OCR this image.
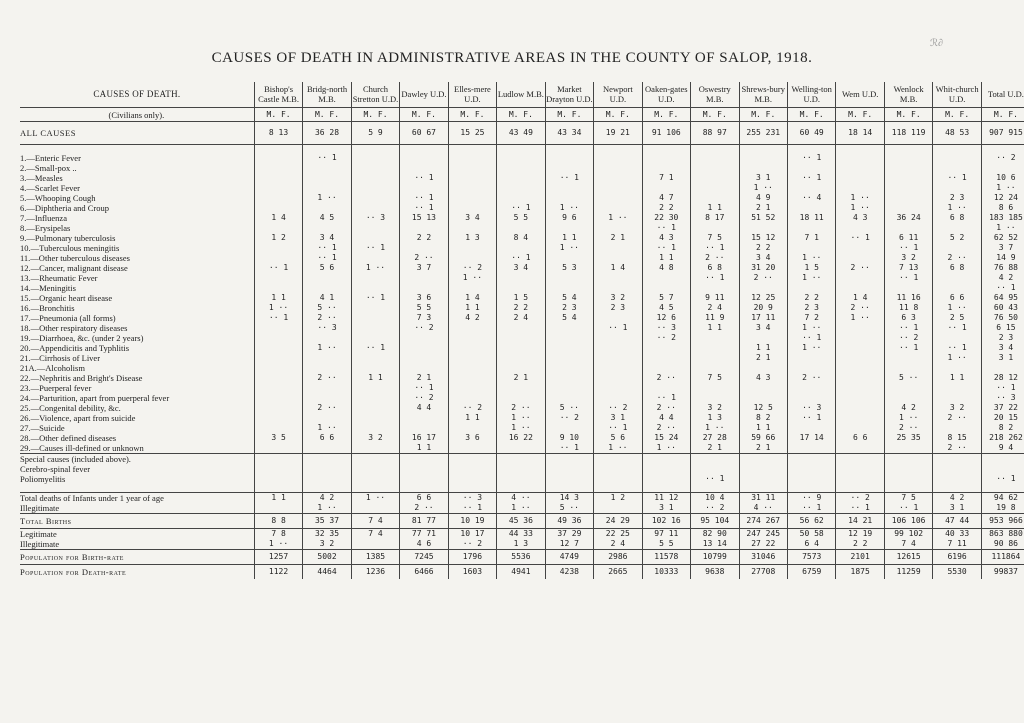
ℛ∂
CAUSES OF DEATH IN ADMINISTRATIVE AREAS IN THE COUNTY OF SALOP, 1918.
CAUSES OF DEATH.	Bishop's Castle M.B.	Bridg-north M.B.	Church Stretton U.D.	Dawley U.D.	Elles-mere U.D.	Ludlow M.B.	Market Drayton U.D.	Newport U.D.	Oaken-gates U.D.	Oswestry M.B.	Shrews-bury M.B.	Welling-ton U.D.	Wem U.D.	Wenlock M.B.	Whit-church U.D.	Total U.D.
(Civilians only).	M. F.	M. F.	M. F.	M. F.	M. F.	M. F.	M. F.	M. F.	M. F.	M. F.	M. F.	M. F.	M. F.	M. F.	M. F.	M. F.
ALL CAUSES	8 13	36 28	5 9	60 67	15 25	43 49	43 34	19 21	91 106	88 97	255 231	60 49	18 14	118 119	48 53	907 915

1.—Enteric Fever		·· 1										·· 1				·· 2
2.—Small-pox ..																
3.—Measles				·· 1			·· 1		7 1		3 1	·· 1			·· 1	10 6
4.—Scarlet Fever											1 ··					1 ··
5.—Whooping Cough		1 ··		·· 1					4 7		4 9	·· 4	1 ··		2 3	12 24
6.—Diphtheria and Croup				·· 1		·· 1	1 ··		2 2	1 1	2 1		1 ··		1 ··	8 6
7.—Influenza	1 4	4 5	·· 3	15 13	3 4	5 5	9 6	1 ··	22 30	8 17	51 52	18 11	4 3	36 24	6 8	183 185
8.—Erysipelas									·· 1							1 ··
9.—Pulmonary tuberculosis	1 2	3 4		2 2	1 3	8 4	1 1	2 1	4 3	7 5	15 12	7 1	·· 1	6 11	5 2	62 52
10.—Tuberculous meningitis		·· 1	·· 1				1 ··		·· 1	·· 1	2 2			·· 1		3 7
11.—Other tuberculous diseases		·· 1		2 ··		·· 1			1 1	2 ··	3 4	1 ··		3 2	2 ··	14 9
12.—Cancer, malignant disease	·· 1	5 6	1 ··	3 7	·· 2	3 4	5 3	1 4	4 8	6 8	31 20	1 5	2 ··	7 13	6 8	76 88
13.—Rheumatic Fever					1 ··					·· 1	2 ··	1 ··		·· 1		4 2
14.—Meningitis																·· 1
15.—Organic heart disease	1 1	4 1	·· 1	3 6	1 4	1 5	5 4	3 2	5 7	9 11	12 25	2 2	1 4	11 16	6 6	64 95
16.—Bronchitis	1 ··	5 ··		5 5	1 1	2 2	2 3	2 3	4 5	2 4	20 9	2 3	2 ··	11 8	1 ··	60 43
17.—Pneumonia (all forms)	·· 1	2 ··		7 3	4 2	2 4	5 4		12 6	11 9	17 11	7 2	1 ··	6 3	2 5	76 50
18.—Other respiratory diseases		·· 3		·· 2				·· 1	·· 3	1 1	3 4	1 ··		·· 1	·· 1	6 15
19.—Diarrhoea, &c. (under 2 years)									·· 2			·· 1		·· 2		2 3
20.—Appendicitis and Typhlitis		1 ··	·· 1								1 1	1 ··		·· 1	·· 1	3 4
21.—Cirrhosis of Liver											2 1				1 ··	3 1
21A.—Alcoholism																
22.—Nephritis and Bright's Disease		2 ··	1 1	2 1		2 1			2 ··	7 5	4 3	2 ··		5 ··	1 1	28 12
23.—Puerperal fever				·· 1												·· 1
24.—Parturition, apart from puerperal fever				·· 2					·· 1							·· 3
25.—Congenital debility, &c.		2 ··		4 4	·· 2	2 ··	5 ··	·· 2	2 ··	3 2	12 5	·· 3		4 2	3 2	37 22
26.—Violence, apart from suicide					1 1	1 ··	·· 2	3 1	4 4	1 3	8 2	·· 1		1 ··	2 ··	20 15
27.—Suicide		1 ··				1 ··		·· 1	2 ··	1 ··	1 1			2 ··		8 2
28.—Other defined diseases	3 5	6 6	3 2	16 17	3 6	16 22	9 10	5 6	15 24	27 28	59 66	17 14	6 6	25 35	8 15	218 262
29.—Causes ill-defined or unknown				1 1			·· 1	1 ··	1 ··	2 1	2 1				2 ··	9 4
Special causes (included above).																
Cerebro-spinal fever																
Poliomyelitis										·· 1						·· 1

Total deaths of Infants under 1 year of age	1 1	4 2	1 ··	6 6	·· 3	4 ··	14 3	1 2	11 12	10 4	31 11	·· 9	·· 2	7 5	4 2	94 62
Illegitimate		1 ··		2 ··	·· 1	1 ··	5 ··		3 1	·· 2	4 ··	·· 1	·· 1	·· 1	3 1	19 8
Total Births	8 8	35 37	7 4	81 77	10 19	45 36	49 36	24 29	102 16	95 104	274 267	56 62	14 21	106 106	47 44	953 966
Legitimate	7 8	32 35	7 4	77 71	10 17	44 33	37 29	22 25	97 11	82 90	247 245	50 58	12 19	99 102	40 33	863 880
Illegitimate	1 ··	3 2		4 6	·· 2	1 3	12 7	2 4	5 5	13 14	27 22	6 4	2 2	7 4	7 11	90 86
Population for Birth-rate	1257	5002	1385	7245	1796	5536	4749	2986	11578	10799	31046	7573	2101	12615	6196	111864
Population for Death-rate	1122	4464	1236	6466	1603	4941	4238	2665	10333	9638	27708	6759	1875	11259	5530	99837
